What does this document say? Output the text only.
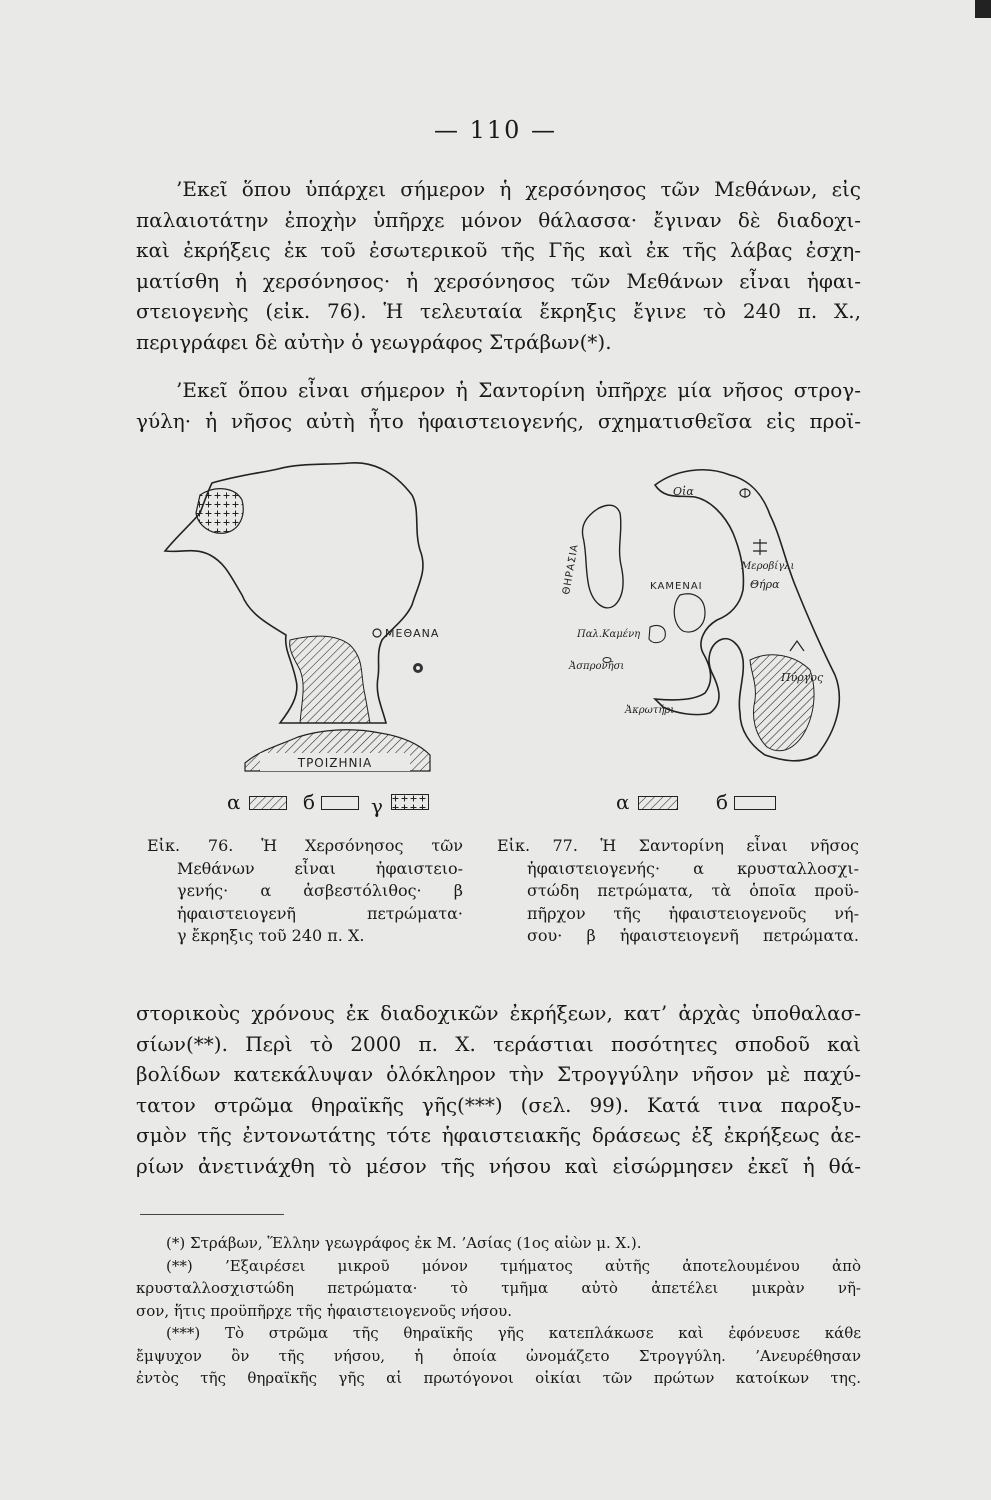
— 110 —

’Εκεῖ ὅπου ὑπάρχει σήμερον ἡ χερσόνησος τῶν Μεθάνων, εἰς
παλαιοτάτην ἐποχὴν ὑπῆρχε μόνον θάλασσα· ἔγιναν δὲ διαδοχι-
καὶ ἐκρήξεις ἐκ τοῦ ἐσωτερικοῦ τῆς Γῆς καὶ ἐκ τῆς λάβας ἐσχη-
ματίσθη ἡ χερσόνησος· ἡ χερσόνησος τῶν Μεθάνων εἶναι ἡφαι-
στειογενὴς (εἰκ. 76). Ἡ τελευταία ἔκρηξις ἔγινε τὸ 240 π. Χ.,
περιγράφει δὲ αὐτὴν ὁ γεωγράφος Στράβων(*).

’Εκεῖ ὅπου εἶναι σήμερον ἡ Σαντορίνη ὑπῆρχε μία νῆσος στρογ-
γύλη· ἡ νῆσος αὐτὴ ἦτο ἡφαιστειογενής, σχηματισθεῖσα εἰς προϊ-

ΤΡΟΙΖΗΝΙΑ
ΜΕΘΑΝΑ
α	б	γ
Οἰα
ΘΗΡΑΣΙΑ	ΚΑΜΕΝΑΙ
Παλ.Καμένη
Ἀσπρονῆσι
Μεροβίγλι
Θήρα
Πύργος
Ἀκρωτήρι
α	б

Εἰκ. 76. Ἡ Χερσόνησος τῶν
Μεθάνων εἶναι ἡφαιστειο-
γενής· α ἀσβεστόλιθος· β
ἡφαιστειογενῆ πετρώματα·
γ ἔκρηξις τοῦ 240 π. Χ.

Εἰκ. 77. Ἡ Σαντορίνη εἶναι νῆσος
ἡφαιστειογενής· α κρυσταλλοσχι-
στώδη πετρώματα, τὰ ὁποῖα προϋ-
πῆρχον τῆς ἡφαιστειογενοῦς νή-
σου· β ἡφαιστειογενῆ πετρώματα.

στορικοὺς χρόνους ἐκ διαδοχικῶν ἐκρήξεων, κατ’ ἀρχὰς ὑποθαλασ-
σίων(**). Περὶ τὸ 2000 π. Χ. τεράστιαι ποσότητες σποδοῦ καὶ
βολίδων κατεκάλυψαν ὁλόκληρον τὴν Στρογγύλην νῆσον μὲ παχύ-
τατον στρῶμα θηραϊκῆς γῆς(***) (σελ. 99). Κατά τινα παροξυ-
σμὸν τῆς ἐντονωτάτης τότε ἡφαιστειακῆς δράσεως ἐξ ἐκρήξεως ἀε-
ρίων ἀνετινάχθη τὸ μέσον τῆς νήσου καὶ εἰσώρμησεν ἐκεῖ ἡ θά-

(*) Στράβων, Ἕλλην γεωγράφος ἐκ Μ. ’Ασίας (1ος αἰὼν μ. Χ.).
(**) ’Εξαιρέσει μικροῦ μόνον τμήματος αὐτῆς ἀποτελουμένου ἀπὸ
κρυσταλλοσχιστώδη πετρώματα· τὸ τμῆμα αὐτὸ ἀπετέλει μικρὰν νῆ-
σον, ἥτις προϋπῆρχε τῆς ἡφαιστειογενοῦς νήσου.
(***) Τὸ στρῶμα τῆς θηραϊκῆς γῆς κατεπλάκωσε καὶ ἐφόνευσε κάθε
ἔμψυχον ὂν τῆς νήσου, ἡ ὁποία ὠνομάζετο Στρογγύλη. ’Ανευρέθησαν
ἐντὸς τῆς θηραϊκῆς γῆς αἱ πρωτόγονοι οἰκίαι τῶν πρώτων κατοίκων της.
